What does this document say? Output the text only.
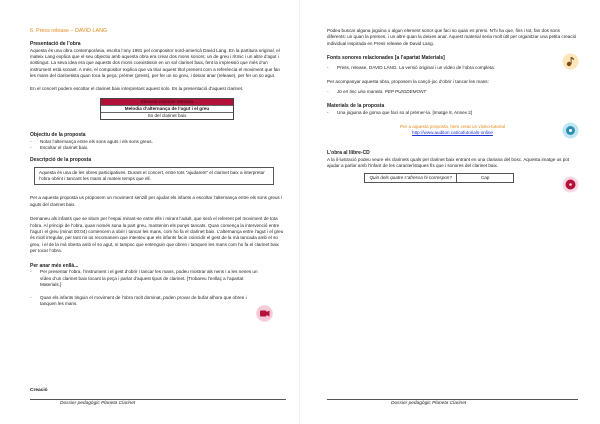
6. Press release – DAVID LANG
Presentació de l’obra

Aquesta és una obra contemporània, escrita l’any 1991 pel compositor nord-americà David Lang. En la partitura original, el mateix Lang explica que el seu objectiu amb aquesta obra era crear dos mons sonors; un de greu i rítmic i un altre d’agut i sostingut. La seva idea era que aquests dos mons coexistissin en un sol clarinet baix, fent la impressió que més d’un instrument està sonant. A més, el compositor explica que va triar aquest títol prenent com a referència el moviment que fan les mans del clarinetista quan toca la peça: prémer (press), per fer un so greu, i deixar anar (release), per fer un so agut.

En el concert podem escoltar el clarinet baix interpretant aquest solo. Es la presentació d’aquest clarinet.

Element musical: Melodia
Melodia d’alternança de l’agut i el greu
So del clarinet baix
Objectiu de la proposta
- Notar l’alternança entre els sons aguts i els sons greus.
- Escoltar el clarinet baix.
Descripció de la proposta
Aquesta és una de les obres participatives. Durant el concert, entre tots “ajudarem” el clarinet baix a interpretar l’obra obrint i tancant les mans al mateix temps que ell.

Per a aquesta proposta us proposem un moviment senzill per ajudar els infants a escoltar l’alternança entre els sons greus i aguts del clarinet baix.

Demaneu als infants que se situïn per l’espai mirant-se entre ells i mirant l’adult, que serà el referent pel moviment de tota l’obra. Al principi de l’obra, quan només sona la part greu, mantenim els punys tancats. Quan comença la intervenció entre l’agut i el greu (minut 00:04) comencem a obrir i tancar les mans, com ho fa el clarinet baix. L’alternança entre l’agut i el greu és molt irregular, per tant no us recomanem que intenteu que els infants facin coincidir el gest de la mà tancada amb el so greu, i el de la mà oberta amb el so agut, ni tampoc que entenguin que obren i tanquen les mans com ho fa el clarinet baix per tocar l’obra.

Per anar més enllà...
- Per presentar l’obra, l’instrument i el gest d’obrir i tancar les mans, podeu mostrar als nens i a les nenes un vídeo d’un clarinet baix tocant la peça i parlar d’aquest tipus de clarinet. [Trobareu l’enllaç a l’apartat Materials.]
- Quan els infants tinguin el moviment de l’obra molt dominat, poden provar de bufar alhora que obren i tanquen les mans.
Creació
Dossier pedagògic Planeta Clarinet

Podeu buscar alguna joguina o algun element sonor que faci so quan es premi. N’hi ha que, fins i tot, fan dos sons diferents: un quan la premes, i un altre quan la deixes anar. Aquest material seria molt útil per organitzar una petita creació individual inspirada en Press release de David Lang.

Fonts sonores relacionades [a l’apartat Materials]
- Press, release, DAVID LANG. La versió original i un vídeo de l’obra completa.

Per acompanyar aquesta obra, proposem la cançó-joc d’obrir i tancar les mans:

- Jo en tinc una maneta. PEP PUIGDEMONT
Materials de la proposta
- Una joguina de goma que faci so al prémer-la. [Imatge 8, Annex 2]
Per a aquesta proposta, hem creat un vídeo-tutorial
http://www.auditori.cat/cafutorials-online
L’obra al llibre-CD

A la il·lustració podeu veure els clarinets quals pel clarinet baix entrant en una clariana del bosc. Aquesta imatge us pot ajudar a parlar amb l’infant de les característiques fís que i sonores del clarinet baix.

Quin dels quatre s’afressa hi correspon?	Cap
Dossier pedagògic Planeta Clarinet
